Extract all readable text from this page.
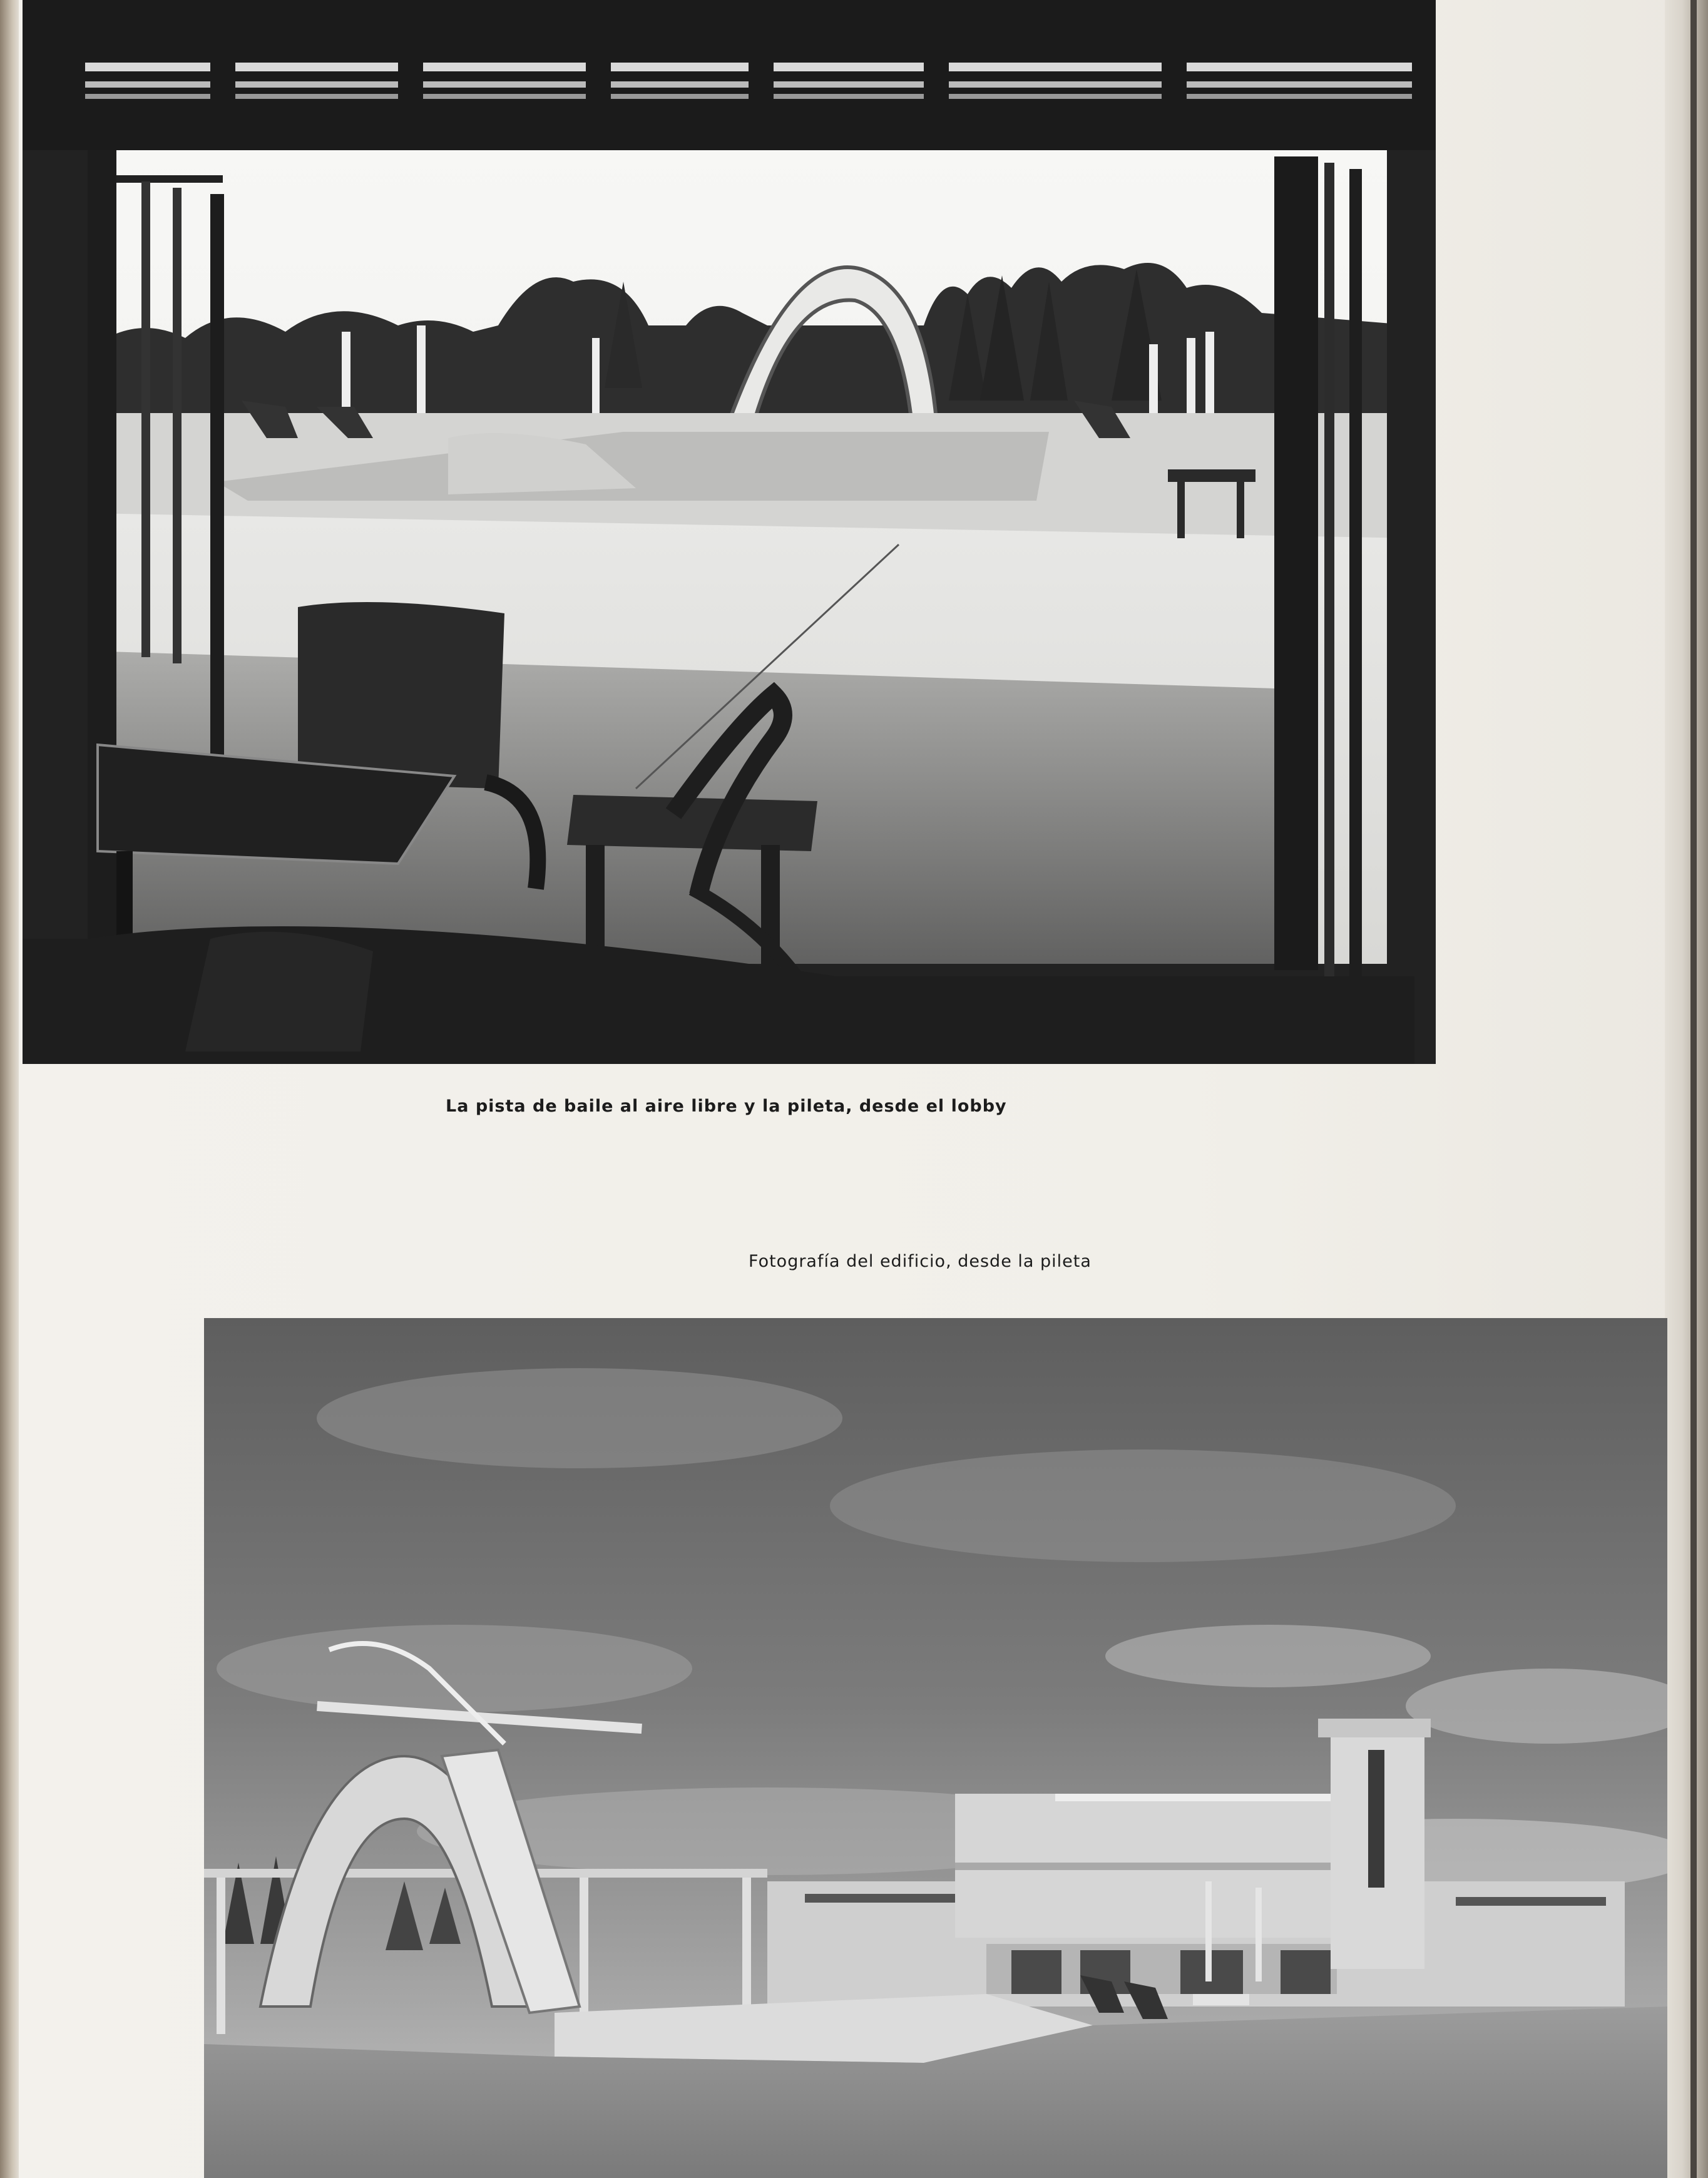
La pista de baile al aire libre y la pileta, desde el lobby

Fotografía del edificio, desde la pileta
